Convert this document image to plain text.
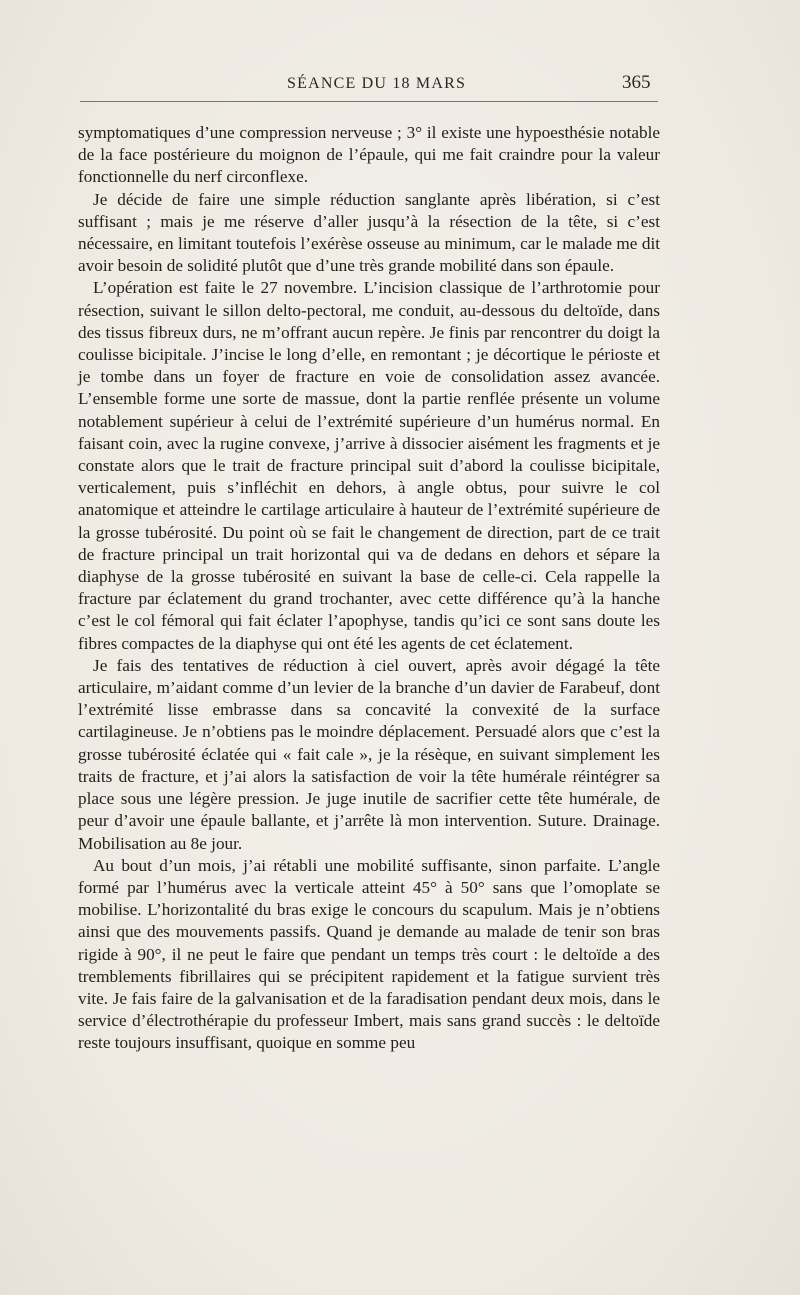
SÉANCE DU 18 MARS	365

symptomatiques d’une compression nerveuse ; 3° il existe une hypoesthésie notable de la face postérieure du moignon de l’épaule, qui me fait craindre pour la valeur fonctionnelle du nerf circonflexe.

Je décide de faire une simple réduction sanglante après libération, si c’est suffisant ; mais je me réserve d’aller jusqu’à la résection de la tête, si c’est nécessaire, en limitant toutefois l’exérèse osseuse au minimum, car le malade me dit avoir besoin de solidité plutôt que d’une très grande mobilité dans son épaule.

L’opération est faite le 27 novembre. L’incision classique de l’arthrotomie pour résection, suivant le sillon delto-pectoral, me conduit, au-dessous du deltoïde, dans des tissus fibreux durs, ne m’offrant aucun repère. Je finis par rencontrer du doigt la coulisse bicipitale. J’incise le long d’elle, en remontant ; je décortique le périoste et je tombe dans un foyer de fracture en voie de consolidation assez avancée. L’ensemble forme une sorte de massue, dont la partie renflée présente un volume notablement supérieur à celui de l’extrémité supérieure d’un humérus normal. En faisant coin, avec la rugine convexe, j’arrive à dissocier aisément les fragments et je constate alors que le trait de fracture principal suit d’abord la coulisse bicipitale, verticalement, puis s’infléchit en dehors, à angle obtus, pour suivre le col anatomique et atteindre le cartilage articulaire à hauteur de l’extrémité supérieure de la grosse tubérosité. Du point où se fait le changement de direction, part de ce trait de fracture principal un trait horizontal qui va de dedans en dehors et sépare la diaphyse de la grosse tubérosité en suivant la base de celle-ci. Cela rappelle la fracture par éclatement du grand trochanter, avec cette différence qu’à la hanche c’est le col fémoral qui fait éclater l’apophyse, tandis qu’ici ce sont sans doute les fibres compactes de la diaphyse qui ont été les agents de cet éclatement.

Je fais des tentatives de réduction à ciel ouvert, après avoir dégagé la tête articulaire, m’aidant comme d’un levier de la branche d’un davier de Farabeuf, dont l’extrémité lisse embrasse dans sa concavité la convexité de la surface cartilagineuse. Je n’obtiens pas le moindre déplacement. Persuadé alors que c’est la grosse tubérosité éclatée qui « fait cale », je la résèque, en suivant simplement les traits de fracture, et j’ai alors la satisfaction de voir la tête humérale réintégrer sa place sous une légère pression. Je juge inutile de sacrifier cette tête humérale, de peur d’avoir une épaule ballante, et j’arrête là mon intervention. Suture. Drainage. Mobilisation au 8e jour.

Au bout d’un mois, j’ai rétabli une mobilité suffisante, sinon parfaite. L’angle formé par l’humérus avec la verticale atteint 45° à 50° sans que l’omoplate se mobilise. L’horizontalité du bras exige le concours du scapulum. Mais je n’obtiens ainsi que des mouvements passifs. Quand je demande au malade de tenir son bras rigide à 90°, il ne peut le faire que pendant un temps très court : le deltoïde a des tremblements fibrillaires qui se précipitent rapidement et la fatigue survient très vite. Je fais faire de la galvanisation et de la faradisation pendant deux mois, dans le service d’électrothérapie du professeur Imbert, mais sans grand succès : le deltoïde reste toujours insuffisant, quoique en somme peu
